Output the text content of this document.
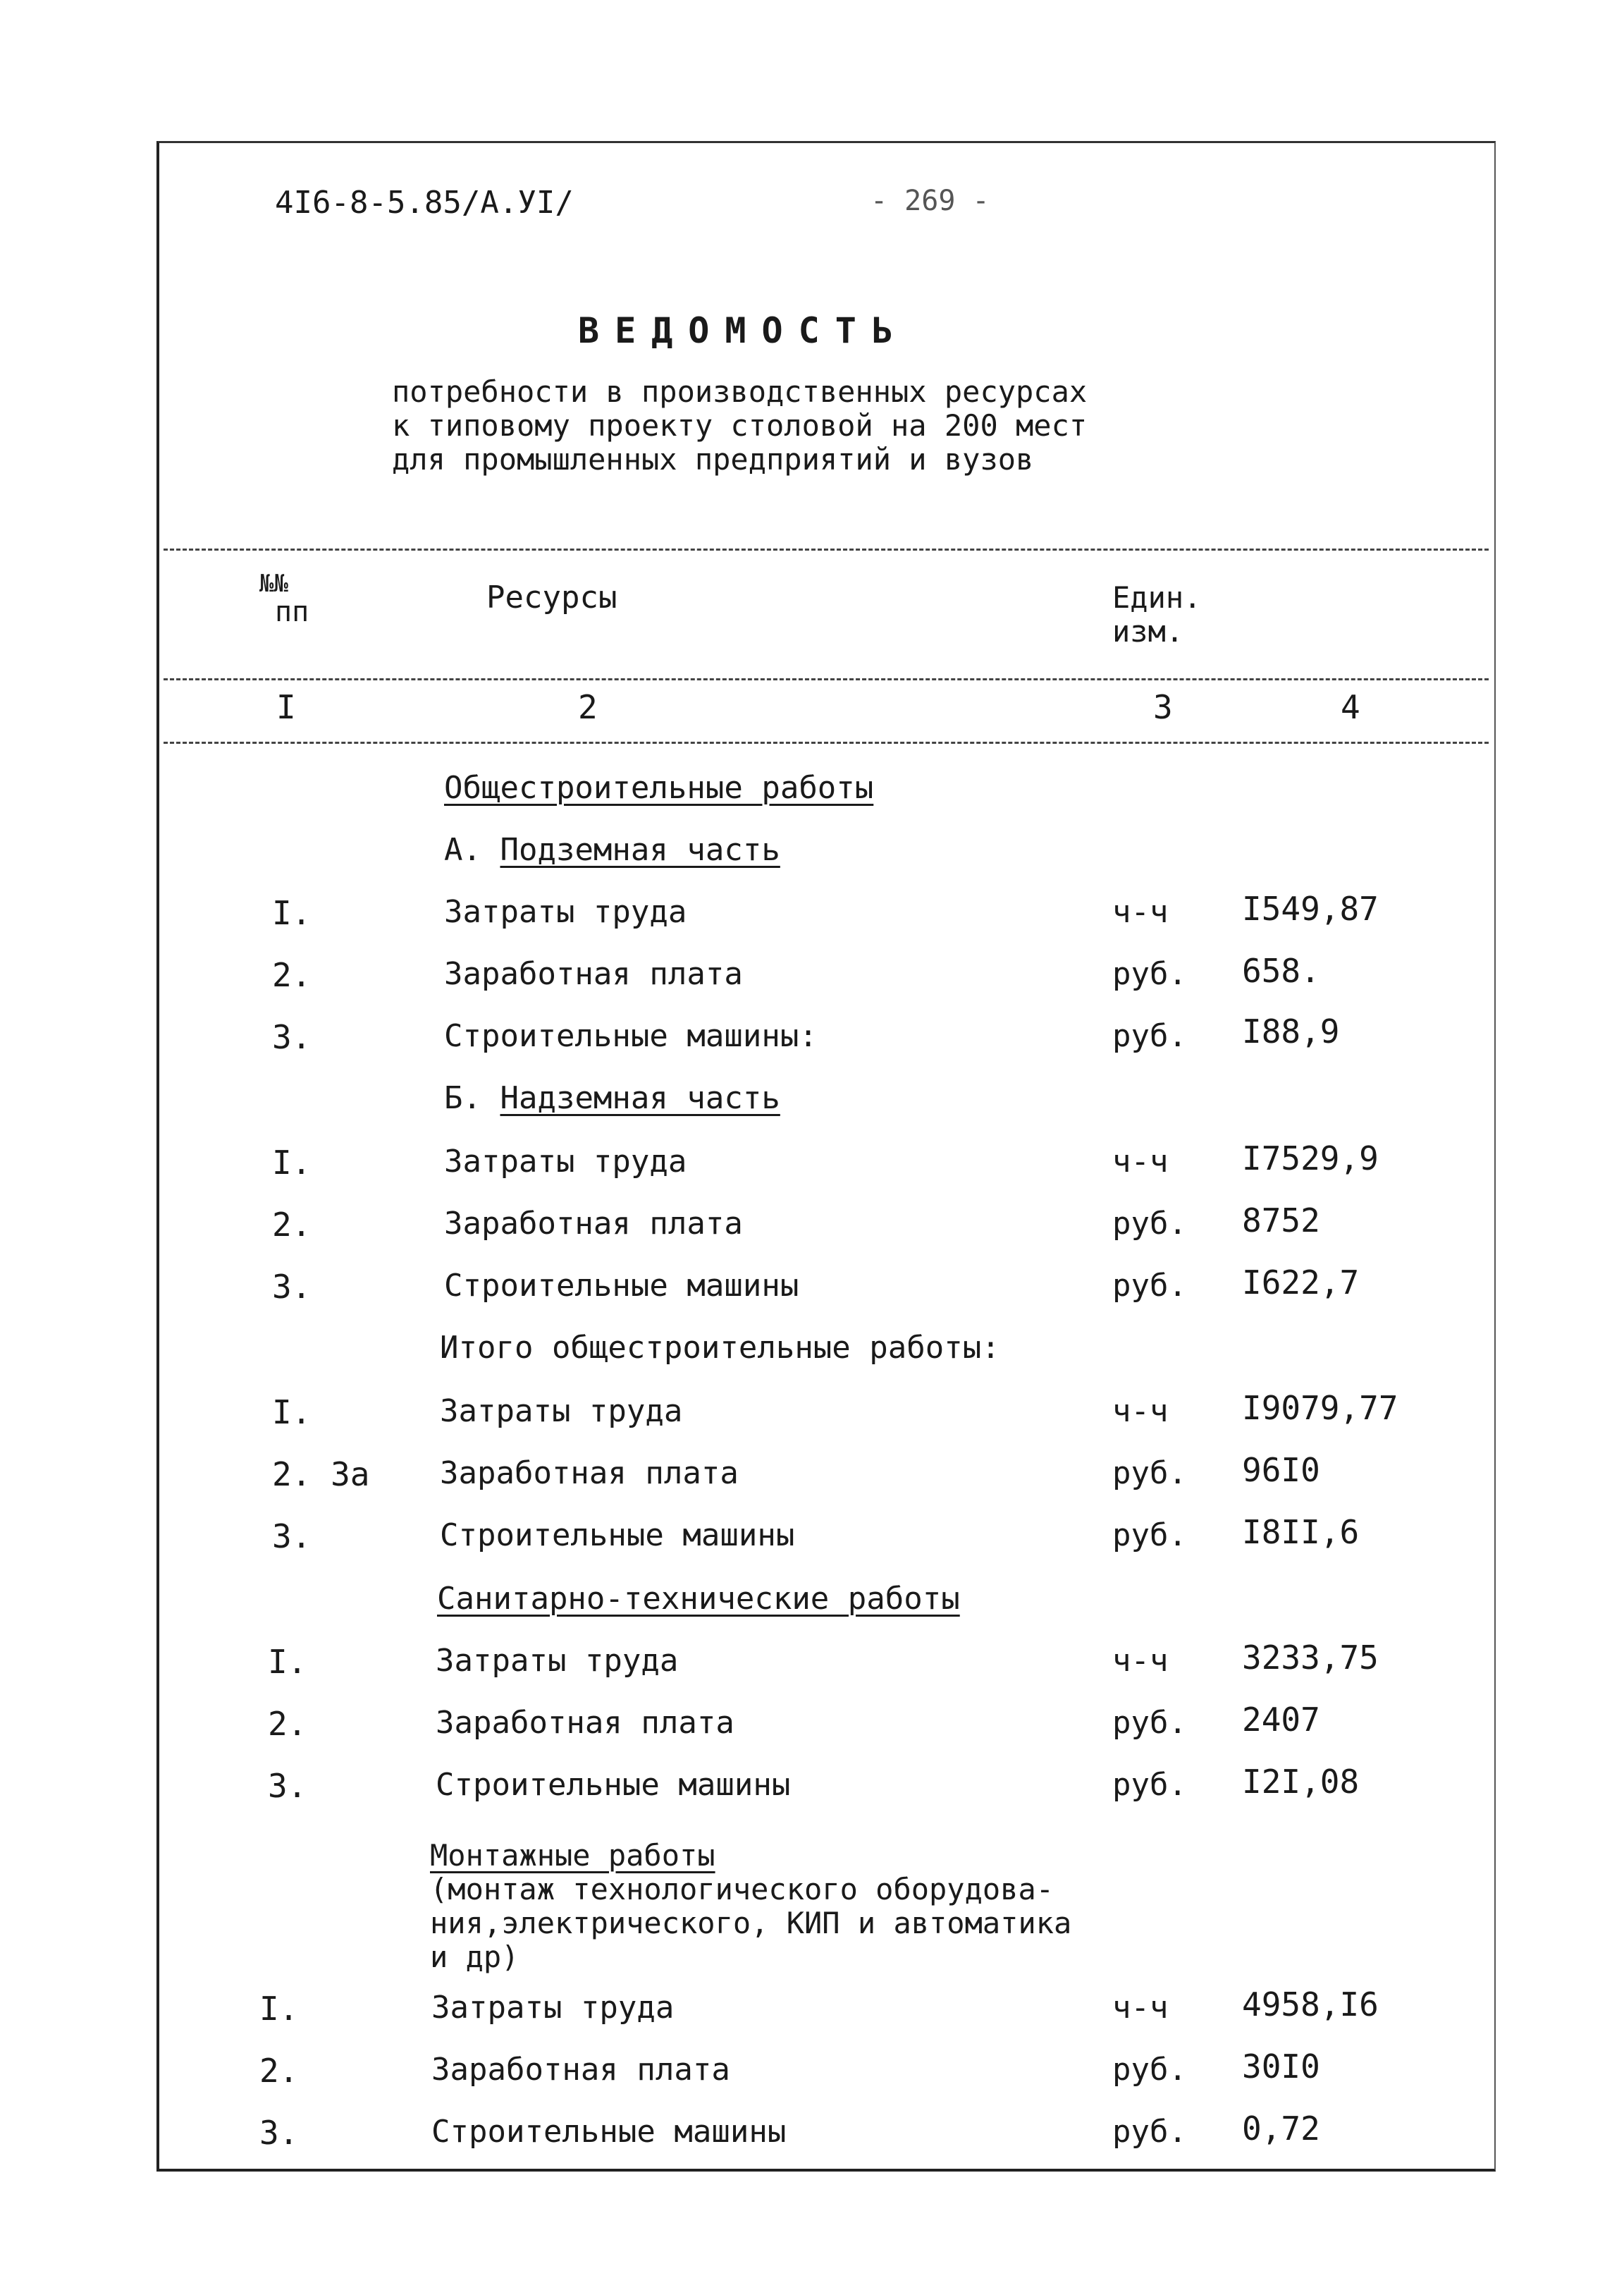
4I6-8-5.85/A.УI/	- 269 -
ВЕДОМОСТЬ
потребности в производственных ресурсах
к типовому проекту столовой на 200 мест
для промышленных предприятий и вузов
№№
пп	Ресурсы	Един.
изм.
I	2	3	4
Общестроительные работы
А. Подземная часть
I.	Затраты труда	ч-ч I549,87
2.	Заработная плата	руб. 658.
3.	Строительные машины:	руб. I88,9
Б. Надземная часть
I.	Затраты труда	ч-ч I7529,9
2.	Заработная плата	руб. 8752
3.	Строительные машины	руб. I622,7
Итого общестроительные работы:
I.	Затраты труда	ч-ч I9079,77
2. 3а Заработная плата	руб. 96I0
3.	Строительные машины	руб. I8II,6
Санитарно-технические работы
I.	Затраты труда	ч-ч 3233,75
2.	Заработная плата	руб. 2407
3.	Строительные машины	руб. I2I,08
Монтажные работы
(монтаж технологического оборудова-
ния,электрического, КИП и автоматика
и др)
I.	Затраты труда	ч-ч 4958,I6
2.	Заработная плата	руб. 30I0
3.	Строительные машины	руб. 0,72
